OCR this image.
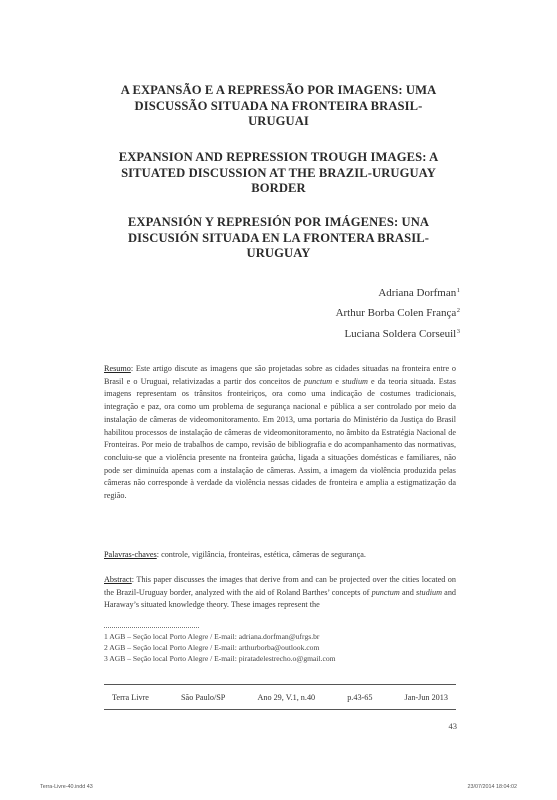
A EXPANSÃO E A REPRESSÃO POR IMAGENS: UMA
DISCUSSÃO SITUADA NA FRONTEIRA BRASIL-
URUGUAI
EXPANSION AND REPRESSION TROUGH IMAGES: A
SITUATED DISCUSSION AT THE BRAZIL-URUGUAY
BORDER
EXPANSIÓN Y REPRESIÓN POR IMÁGENES: UNA
DISCUSIÓN SITUADA EN LA FRONTERA BRASIL-
URUGUAY
Adriana Dorfman$^1$
Arthur Borba Colen França$^2$
Luciana Soldera Corseuil$^3$
Resumo: Este artigo discute as imagens que são projetadas sobre as cidades situadas na fronteira entre o Brasil e o Uruguai, relativizadas a partir dos conceitos de punctum e studium e da teoria situada. Estas imagens representam os trânsitos fronteiriços, ora como uma indicação de costumes tradicionais, integração e paz, ora como um problema de segurança nacional e pública a ser controlado por meio da instalação de câmeras de videomonitoramento. Em 2013, uma portaria do Ministério da Justiça do Brasil habilitou processos de instalação de câmeras de videomonitoramento, no âmbito da Estratégia Nacional de Fronteiras. Por meio de trabalhos de campo, revisão de bibliografia e do acompanhamento das normativas, concluiu-se que a violência presente na fronteira gaúcha, ligada a situações domésticas e familiares, não pode ser diminuída apenas com a instalação de câmeras. Assim, a imagem da violência produzida pelas câmeras não corresponde à verdade da violência nessas cidades de fronteira e amplia a estigmatização da região.
Palavras-chaves: controle, vigilância, fronteiras, estética, câmeras de segurança.
Abstract: This paper discusses the images that derive from and can be projected over the cities located on the Brazil-Uruguay border, analyzed with the aid of Roland Barthes’ concepts of punctum and studium and Haraway’s situated knowledge theory. These images represent the
1 AGB – Seção local Porto Alegre / E-mail: adriana.dorfman@ufrgs.br
2 AGB – Seção local Porto Alegre / E-mail: arthurborba@outlook.com
3 AGB – Seção local Porto Alegre / E-mail: piratadelestrecho.o@gmail.com
Terra Livre	São Paulo/SP	Ano 29, V.1, n.40	p.43-65	Jan-Jun 2013
43
Terra-Livre-40.indd 43	23/07/2014 18:04:02
